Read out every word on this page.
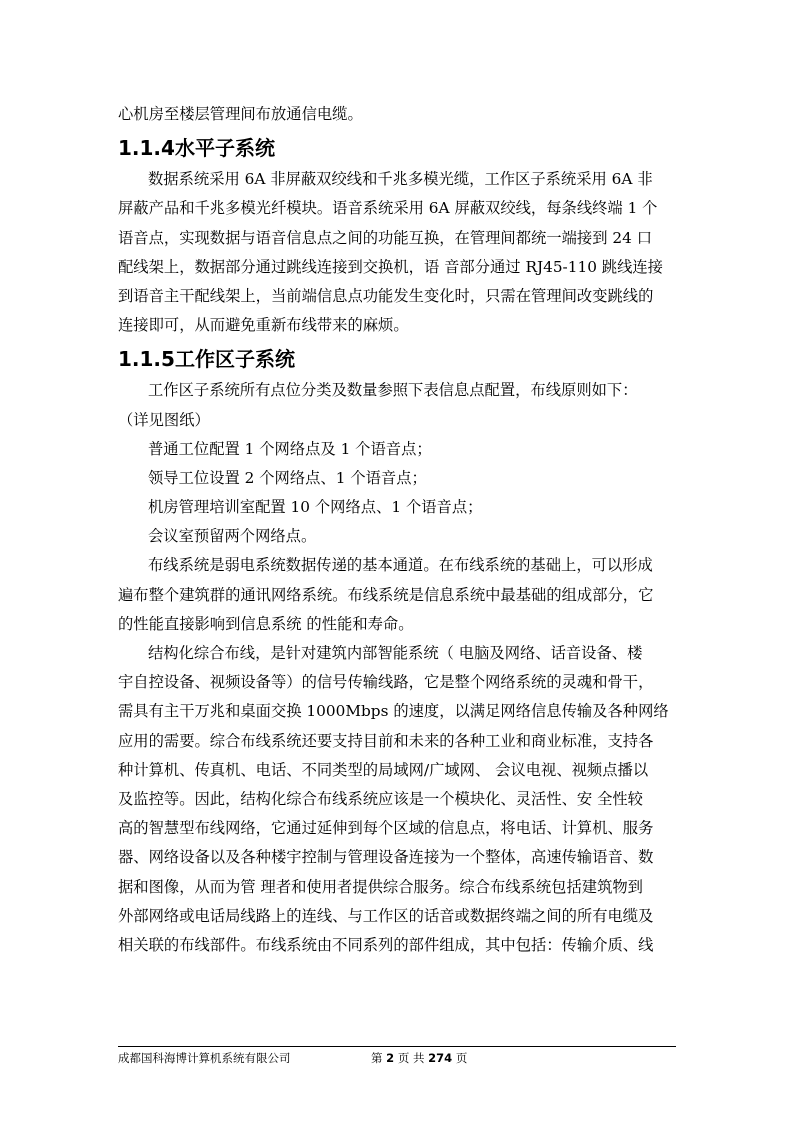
心机房至楼层管理间布放通信电缆。
1.1.4水平子系统
数据系统采用 6A 非屏蔽双绞线和千兆多模光缆，工作区子系统采用 6A 非
屏蔽产品和千兆多模光纤模块。语音系统采用 6A 屏蔽双绞线，每条线终端 1 个
语音点，实现数据与语音信息点之间的功能互换，在管理间都统一端接到 24 口
配线架上，数据部分通过跳线连接到交换机，语 音部分通过 RJ45-110 跳线连接
到语音主干配线架上，当前端信息点功能发生变化时，只需在管理间改变跳线的
连接即可，从而避免重新布线带来的麻烦。
1.1.5工作区子系统
工作区子系统所有点位分类及数量参照下表信息点配置，布线原则如下：
（详见图纸）
普通工位配置 1 个网络点及 1 个语音点；
领导工位设置 2 个网络点、1 个语音点；
机房管理培训室配置 10 个网络点、1 个语音点；
会议室预留两个网络点。
布线系统是弱电系统数据传递的基本通道。在布线系统的基础上，可以形成
遍布整个建筑群的通讯网络系统。布线系统是信息系统中最基础的组成部分，它
的性能直接影响到信息系统 的性能和寿命。
结构化综合布线，是针对建筑内部智能系统（ 电脑及网络、话音设备、楼
宇自控设备、视频设备等）的信号传输线路，它是整个网络系统的灵魂和骨干，
需具有主干万兆和桌面交换 1000Mbps 的速度，以满足网络信息传输及各种网络
应用的需要。综合布线系统还要支持目前和未来的各种工业和商业标准，支持各
种计算机、传真机、电话、不同类型的局域网/广域网、 会议电视、视频点播以
及监控等。因此，结构化综合布线系统应该是一个模块化、灵活性、安 全性较
高的智慧型布线网络，它通过延伸到每个区域的信息点，将电话、计算机、服务
器、网络设备以及各种楼宇控制与管理设备连接为一个整体，高速传输语音、数
据和图像，从而为管 理者和使用者提供综合服务。综合布线系统包括建筑物到
外部网络或电话局线路上的连线、与工作区的话音或数据终端之间的所有电缆及
相关联的布线部件。布线系统由不同系列的部件组成，其中包括：传输介质、线
成都国科海博计算机系统有限公司	第 2 页 共 274 页
